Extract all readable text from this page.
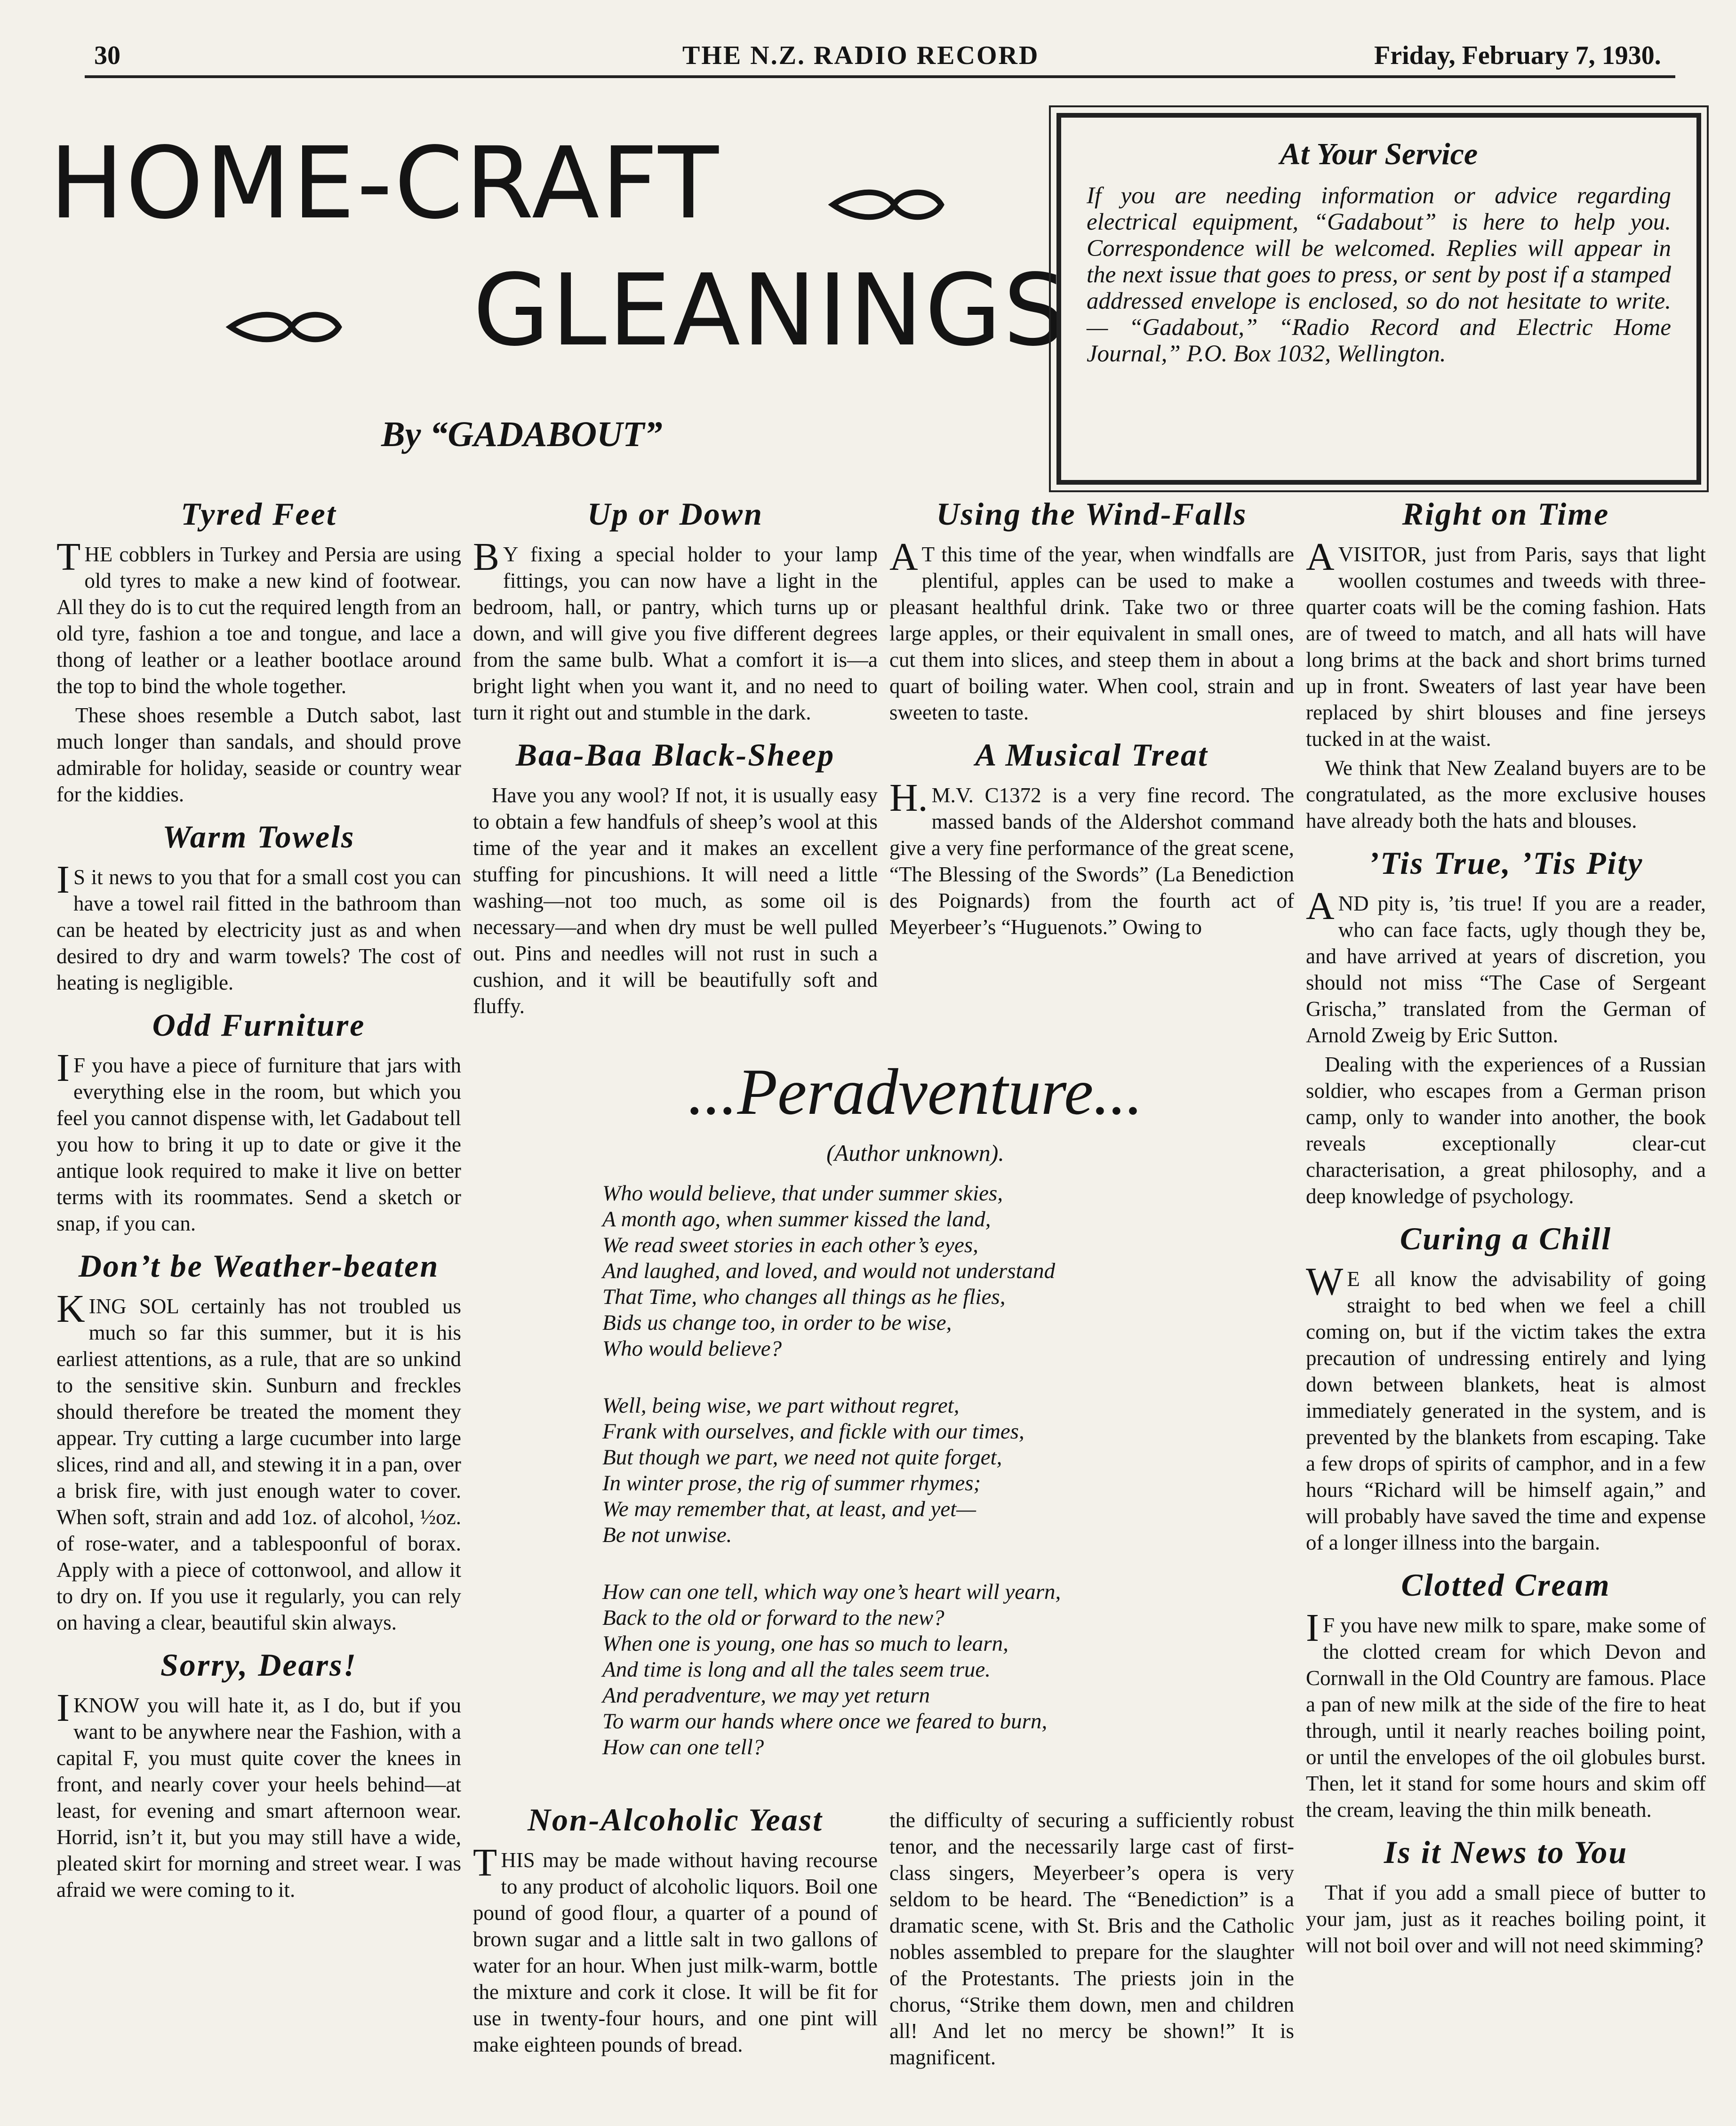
30	THE N.Z. RADIO RECORD	Friday, February 7, 1930.
HOME-CRAFT
GLEANINGS
By “GADABOUT”
At Your Service

If you are needing information or advice regarding electrical equipment, “Gadabout” is here to help you. Correspondence will be welcomed. Replies will appear in the next issue that goes to press, or sent by post if a stamped addressed envelope is enclosed, so do not hesitate to write.— “Gadabout,” “Radio Record and Electric Home Journal,” P.O. Box 1032, Wellington.

Tyred Feet

THE cobblers in Turkey and Persia are using old tyres to make a new kind of footwear. All they do is to cut the required length from an old tyre, fashion a toe and tongue, and lace a thong of leather or a leather bootlace around the top to bind the whole together.

These shoes resemble a Dutch sabot, last much longer than sandals, and should prove admirable for holiday, seaside or country wear for the kiddies.

Warm Towels

IS it news to you that for a small cost you can have a towel rail fitted in the bathroom than can be heated by electricity just as and when desired to dry and warm towels? The cost of heating is negligible.

Odd Furniture

IF you have a piece of furniture that jars with everything else in the room, but which you feel you cannot dispense with, let Gadabout tell you how to bring it up to date or give it the antique look required to make it live on better terms with its roommates. Send a sketch or snap, if you can.

Don’t be Weather-beaten

KING SOL certainly has not troubled us much so far this summer, but it is his earliest attentions, as a rule, that are so unkind to the sensitive skin. Sunburn and freckles should therefore be treated the moment they appear. Try cutting a large cucumber into large slices, rind and all, and stewing it in a pan, over a brisk fire, with just enough water to cover. When soft, strain and add 1oz. of alcohol, ½oz. of rose-water, and a tablespoonful of borax. Apply with a piece of cottonwool, and allow it to dry on. If you use it regularly, you can rely on having a clear, beautiful skin always.

Sorry, Dears!

IKNOW you will hate it, as I do, but if you want to be anywhere near the Fashion, with a capital F, you must quite cover the knees in front, and nearly cover your heels behind—at least, for evening and smart afternoon wear. Horrid, isn’t it, but you may still have a wide, pleated skirt for morning and street wear. I was afraid we were coming to it.

Up or Down

BY fixing a special holder to your lamp fittings, you can now have a light in the bedroom, hall, or pantry, which turns up or down, and will give you five different degrees from the same bulb. What a comfort it is—a bright light when you want it, and no need to turn it right out and stumble in the dark.

Baa-Baa Black-Sheep

Have you any wool? If not, it is usually easy to obtain a few handfuls of sheep’s wool at this time of the year and it makes an excellent stuffing for pincushions. It will need a little washing—not too much, as some oil is necessary—and when dry must be well pulled out. Pins and needles will not rust in such a cushion, and it will be beautifully soft and fluffy.

Using the Wind-Falls

AT this time of the year, when windfalls are plentiful, apples can be used to make a pleasant healthful drink. Take two or three large apples, or their equivalent in small ones, cut them into slices, and steep them in about a quart of boiling water. When cool, strain and sweeten to taste.

A Musical Treat

H.M.V. C1372 is a very fine record. The massed bands of the Aldershot command give a very fine performance of the great scene, “The Blessing of the Swords” (La Benediction des Poignards) from the fourth act of Meyerbeer’s “Huguenots.” Owing to

Right on Time

AVISITOR, just from Paris, says that light woollen costumes and tweeds with three-quarter coats will be the coming fashion. Hats are of tweed to match, and all hats will have long brims at the back and short brims turned up in front. Sweaters of last year have been replaced by shirt blouses and fine jerseys tucked in at the waist.

We think that New Zealand buyers are to be congratulated, as the more exclusive houses have already both the hats and blouses.

’Tis True, ’Tis Pity

AND pity is, ’tis true! If you are a reader, who can face facts, ugly though they be, and have arrived at years of discretion, you should not miss “The Case of Sergeant Grischa,” translated from the German of Arnold Zweig by Eric Sutton.

Dealing with the experiences of a Russian soldier, who escapes from a German prison camp, only to wander into another, the book reveals exceptionally clear-cut characterisation, a great philosophy, and a deep knowledge of psychology.

Curing a Chill

WE all know the advisability of going straight to bed when we feel a chill coming on, but if the victim takes the extra precaution of undressing entirely and lying down between blankets, heat is almost immediately generated in the system, and is prevented by the blankets from escaping. Take a few drops of spirits of camphor, and in a few hours “Richard will be himself again,” and will probably have saved the time and expense of a longer illness into the bargain.

Clotted Cream

IF you have new milk to spare, make some of the clotted cream for which Devon and Cornwall in the Old Country are famous. Place a pan of new milk at the side of the fire to heat through, until it nearly reaches boiling point, or until the envelopes of the oil globules burst. Then, let it stand for some hours and skim off the cream, leaving the thin milk beneath.

Is it News to You

That if you add a small piece of butter to your jam, just as it reaches boiling point, it will not boil over and will not need skimming?

...Peradventure...
(Author unknown).
Who would believe, that under summer skies,
A month ago, when summer kissed the land,
We read sweet stories in each other’s eyes,
And laughed, and loved, and would not understand
That Time, who changes all things as he flies,
Bids us change too, in order to be wise,
Who would believe?
Well, being wise, we part without regret,
Frank with ourselves, and fickle with our times,
But though we part, we need not quite forget,
In winter prose, the rig of summer rhymes;
We may remember that, at least, and yet—
Be not unwise.
How can one tell, which way one’s heart will yearn,
Back to the old or forward to the new?
When one is young, one has so much to learn,
And time is long and all the tales seem true.
And peradventure, we may yet return
To warm our hands where once we feared to burn,
How can one tell?
Non-Alcoholic Yeast

THIS may be made without having recourse to any product of alcoholic liquors. Boil one pound of good flour, a quarter of a pound of brown sugar and a little salt in two gallons of water for an hour. When just milk-warm, bottle the mixture and cork it close. It will be fit for use in twenty-four hours, and one pint will make eighteen pounds of bread.

the difficulty of securing a sufficiently robust tenor, and the necessarily large cast of first-class singers, Meyerbeer’s opera is very seldom to be heard. The “Benediction” is a dramatic scene, with St. Bris and the Catholic nobles assembled to prepare for the slaughter of the Protestants. The priests join in the chorus, “Strike them down, men and children all! And let no mercy be shown!” It is magnificent.
